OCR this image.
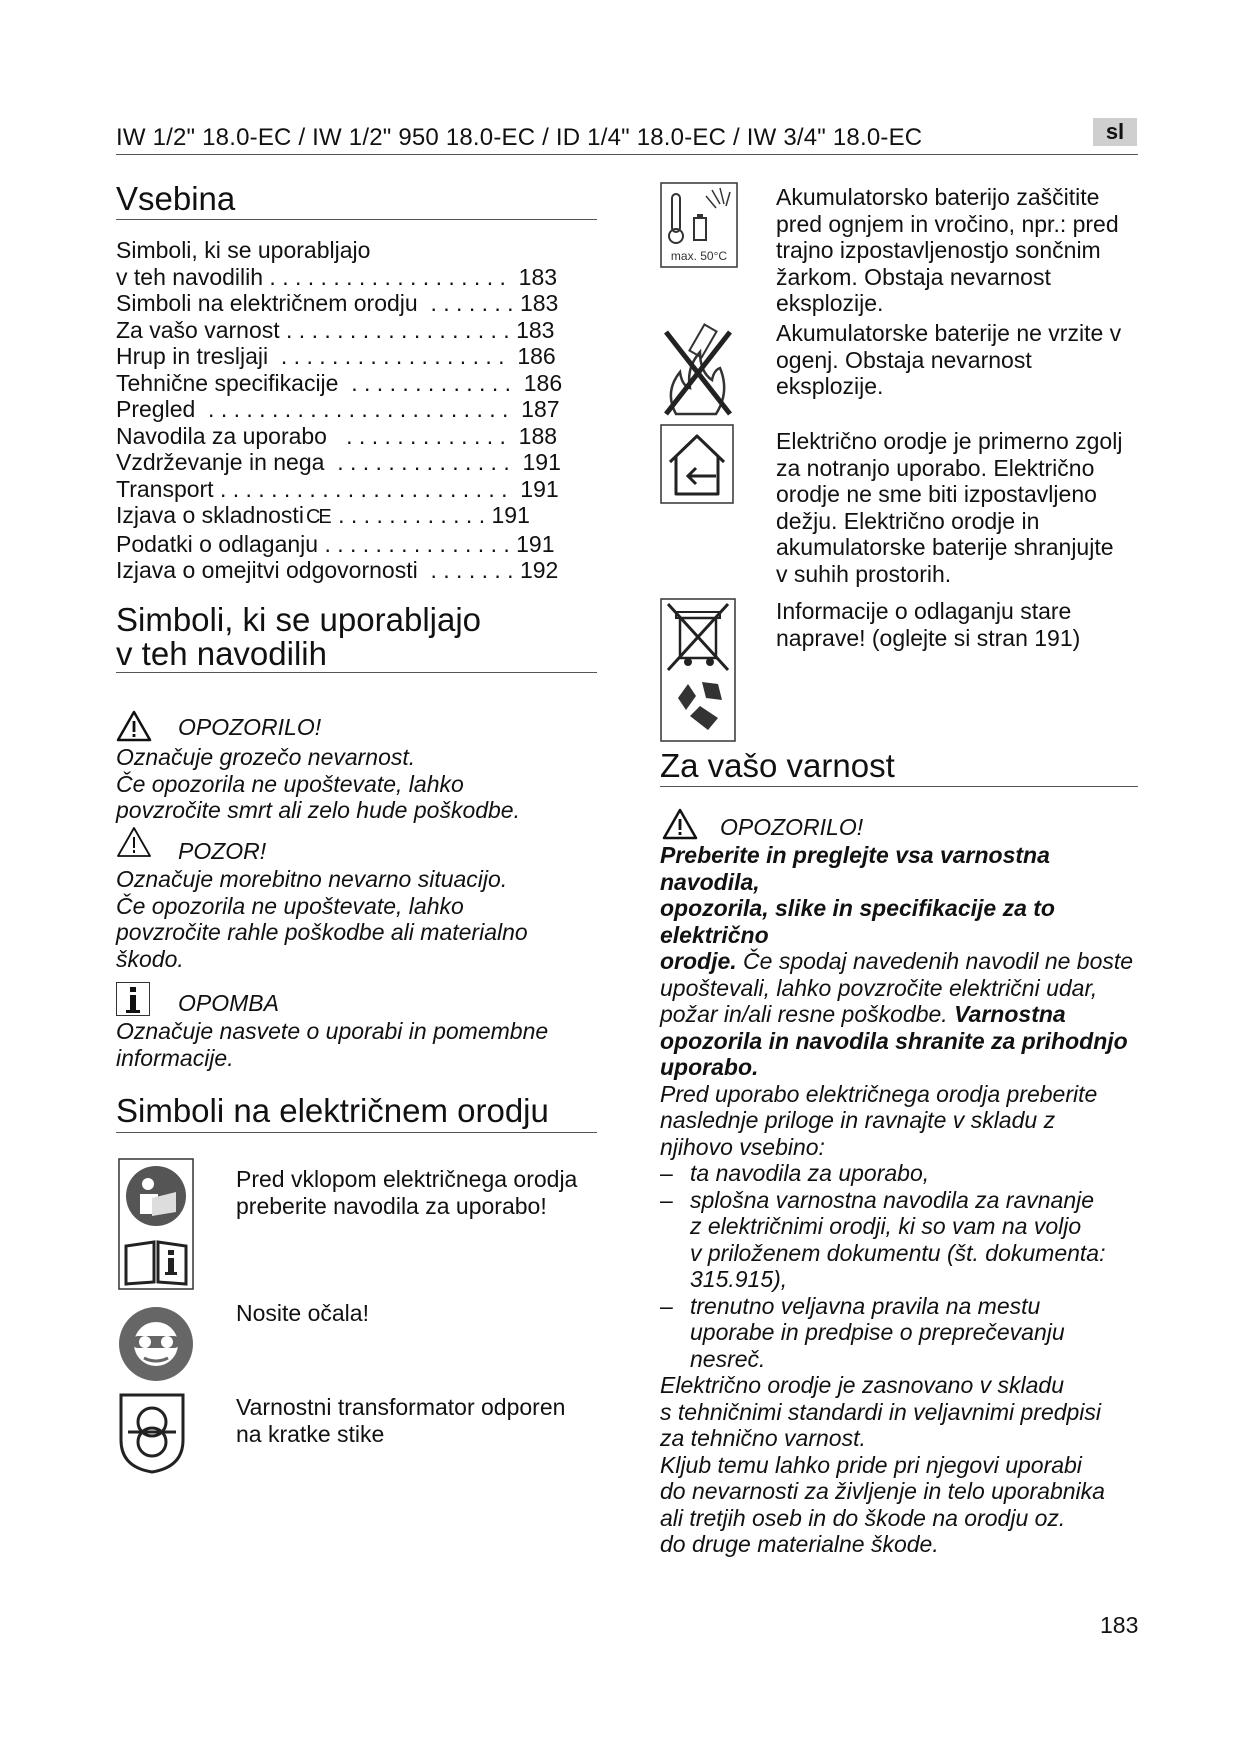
IW 1/2" 18.0-EC / IW 1/2" 950 18.0-EC / ID 1/4" 18.0-EC / IW 3/4" 18.0-EC	sl
Vsebina
Simboli, ki se uporabljajo
v teh navodilih . . . . . . . . . . . . . . . . . . .  183
Simboli na električnem orodju  . . . . . . . 183
Za vašo varnost . . . . . . . . . . . . . . . . . . 183
Hrup in tresljaji  . . . . . . . . . . . . . . . . . .  186
Tehnične specifikacije  . . . . . . . . . . . . .  186
Pregled  . . . . . . . . . . . . . . . . . . . . . . . .  187
Navodila za uporabo   . . . . . . . . . . . . .  188
Vzdrževanje in nega  . . . . . . . . . . . . . .  191
Transport . . . . . . . . . . . . . . . . . . . . . . .  191
Izjava o skladnosti CE . . . . . . . . . . . . 191
Podatki o odlaganju . . . . . . . . . . . . . . . 191
Izjava o omejitvi odgovornosti  . . . . . . . 192
Simboli, ki se uporabljajo
v teh navodilih
OPOZORILO!
Označuje grozečo nevarnost.
Če opozorila ne upoštevate, lahko
povzročite smrt ali zelo hude poškodbe.
POZOR!
Označuje morebitno nevarno situacijo.
Če opozorila ne upoštevate, lahko
povzročite rahle poškodbe ali materialno
škodo.
OPOMBA
Označuje nasvete o uporabi in pomembne
informacije.
Simboli na električnem orodju
Pred vklopom električnega orodja
preberite navodila za uporabo!
Nosite očala!
Varnostni transformator odporen
na kratke stike
max. 50°C
Akumulatorsko baterijo zaščitite
pred ognjem in vročino, npr.: pred
trajno izpostavljenostjo sončnim
žarkom. Obstaja nevarnost
eksplozije.
Akumulatorske baterije ne vrzite v
ogenj. Obstaja nevarnost
eksplozije.
Električno orodje je primerno zgolj
za notranjo uporabo. Električno
orodje ne sme biti izpostavljeno
dežju. Električno orodje in
akumulatorske baterije shranjujte
v suhih prostorih.
Informacije o odlaganju stare
naprave! (oglejte si stran 191)
Za vašo varnost
OPOZORILO!
Preberite in preglejte vsa varnostna navodila,
opozorila, slike in specifikacije za to električno
orodje. Če spodaj navedenih navodil ne boste
upoštevali, lahko povzročite električni udar,
požar in/ali resne poškodbe. Varnostna
opozorila in navodila shranite za prihodnjo
uporabo.
Pred uporabo električnega orodja preberite
naslednje priloge in ravnajte v skladu z
njihovo vsebino:
– ta navodila za uporabo,
– splošna varnostna navodila za ravnanje
z električnimi orodji, ki so vam na voljo
v priloženem dokumentu (št. dokumenta:
315.915),
– trenutno veljavna pravila na mestu
uporabe in predpise o preprečevanju
nesreč.
Električno orodje je zasnovano v skladu
s tehničnimi standardi in veljavnimi predpisi
za tehnično varnost.
Kljub temu lahko pride pri njegovi uporabi
do nevarnosti za življenje in telo uporabnika
ali tretjih oseb in do škode na orodju oz.
do druge materialne škode.
183
